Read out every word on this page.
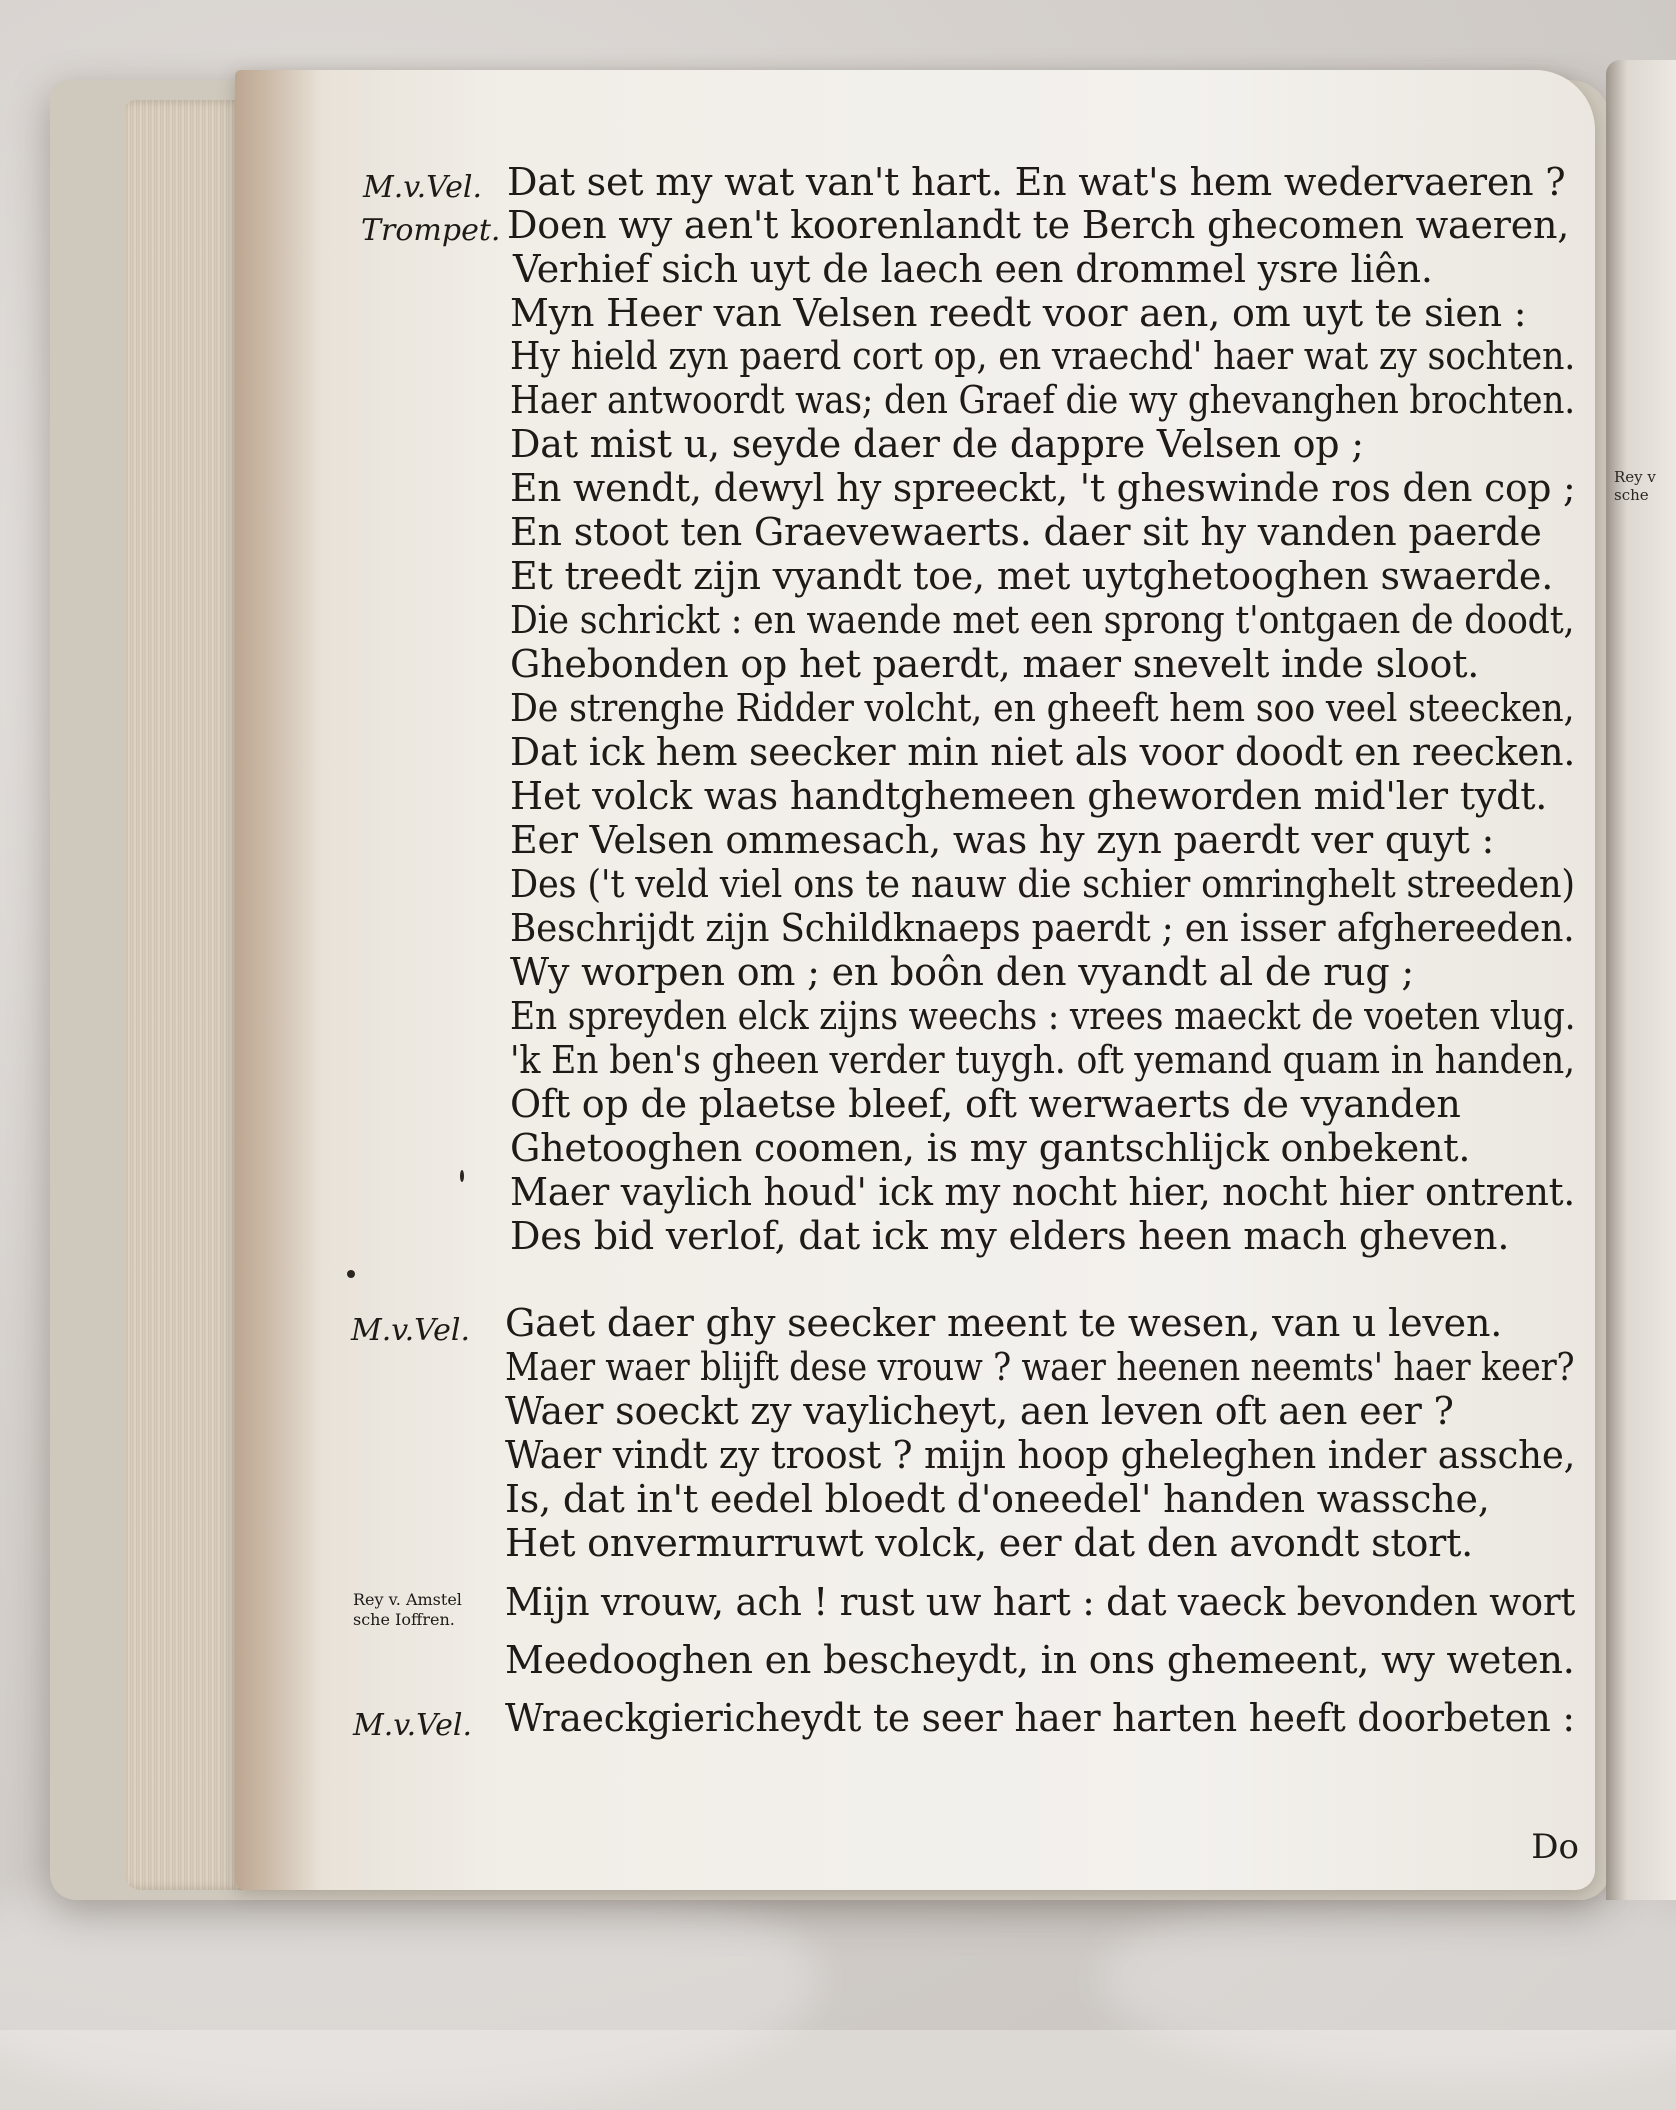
Rey v
sche
M.v.Vel.
Trompet.
M.v.Vel.
Rey v. Amstel
sche Ioffren.
M.v.Vel.
Dat set my wat van't hart. En wat's hem wedervaeren ?
Doen wy aen't koorenlandt te Berch ghecomen waeren,
Verhief sich uyt de laech een drommel ysre liên.
Myn Heer van Velsen reedt voor aen, om uyt te sien :
Hy hield zyn paerd cort op, en vraechd' haer wat zy sochten.
Haer antwoordt was; den Graef die wy ghevanghen brochten.
Dat mist u, seyde daer de dappre Velsen op ;
En wendt, dewyl hy spreeckt, 't gheswinde ros den cop ;
En stoot ten Graevewaerts. daer sit hy vanden paerde
Et treedt zijn vyandt toe, met uytghetooghen swaerde.
Die schrickt : en waende met een sprong t'ontgaen de doodt,
Ghebonden op het paerdt, maer snevelt inde sloot.
De strenghe Ridder volcht, en gheeft hem soo veel steecken,
Dat ick hem seecker min niet als voor doodt en reecken.
Het volck was handtghemeen gheworden mid'ler tydt.
Eer Velsen ommesach, was hy zyn paerdt ver quyt :
Des ('t veld viel ons te nauw die schier omringhelt streeden)
Beschrijdt zijn Schildknaeps paerdt ; en isser afghereeden.
Wy worpen om ; en boôn den vyandt al de rug ;
En spreyden elck zijns weechs : vrees maeckt de voeten vlug.
'k En ben's gheen verder tuygh. oft yemand quam in handen,
Oft op de plaetse bleef, oft werwaerts de vyanden
Ghetooghen coomen, is my gantschlijck onbekent.
Maer vaylich houd' ick my nocht hier, nocht hier ontrent.
Des bid verlof, dat ick my elders heen mach gheven.
Gaet daer ghy seecker meent te wesen, van u leven.
Maer waer blijft dese vrouw ? waer heenen neemts' haer keer?
Waer soeckt zy vaylicheyt, aen leven oft aen eer ?
Waer vindt zy troost ? mijn hoop gheleghen inder assche,
Is, dat in't eedel bloedt d'oneedel' handen wassche,
Het onvermurruwt volck, eer dat den avondt stort.
Mijn vrouw, ach ! rust uw hart : dat vaeck bevonden wort
Meedooghen en bescheydt, in ons ghemeent, wy weten.
Wraeckgiericheydt te seer haer harten heeft doorbeten :
Do
